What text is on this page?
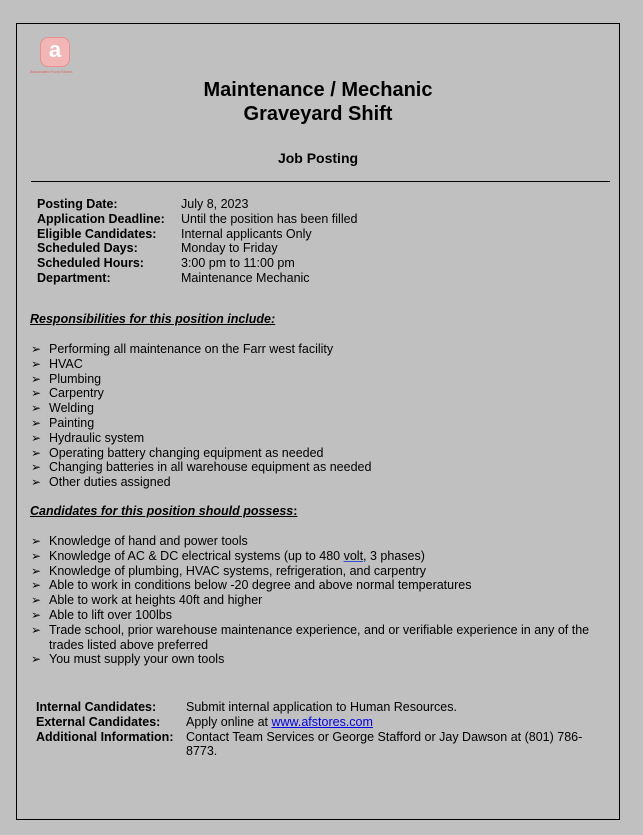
a
Associated Food Stores
Maintenance / Mechanic
Graveyard Shift
Job Posting
Posting Date:	July 8, 2023
Application Deadline:	Until the position has been filled
Eligible Candidates:	Internal applicants Only
Scheduled Days:	Monday to Friday
Scheduled Hours:	3:00 pm to 11:00 pm
Department:	Maintenance Mechanic
Responsibilities for this position include:
➢ Performing all maintenance on the Farr west facility
➢ HVAC
➢ Plumbing
➢ Carpentry
➢ Welding
➢ Painting
➢ Hydraulic system
➢ Operating battery changing equipment as needed
➢ Changing batteries in all warehouse equipment as needed
➢ Other duties assigned
Candidates for this position should possess:
➢ Knowledge of hand and power tools
➢ Knowledge of AC & DC electrical systems (up to 480 volt, 3 phases)
➢ Knowledge of plumbing, HVAC systems, refrigeration, and carpentry
➢ Able to work in conditions below -20 degree and above normal temperatures
➢ Able to work at heights 40ft and higher
➢ Able to lift over 100lbs
➢ Trade school, prior warehouse maintenance experience, and or verifiable experience in any of the trades listed above preferred
➢ You must supply your own tools
Internal Candidates:	Submit internal application to Human Resources.
External Candidates:	Apply online at www.afstores.com
Additional Information:	Contact Team Services or George Stafford or Jay Dawson at (801) 786-8773.
